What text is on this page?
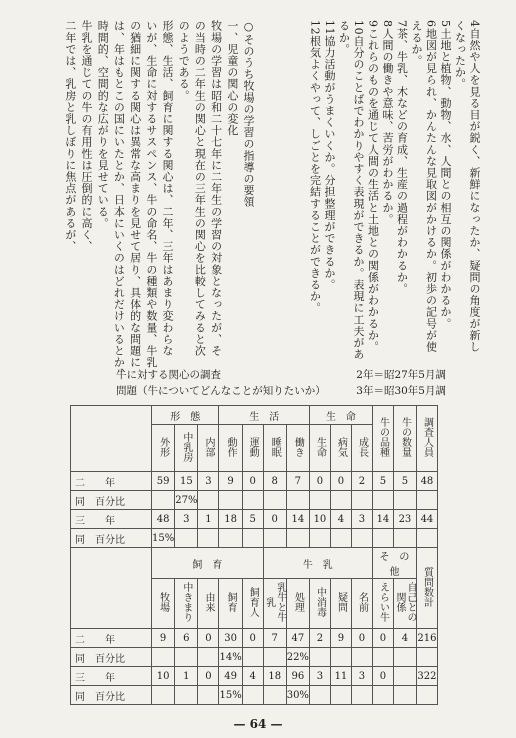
4自然や人を見る目が鋭く、新鮮になったか、疑問の角度が新し
くなったか。
5土地と植物、動物、水、人間との相互の関係がわかるか。
6地図が見られ、かんたんな見取図がかけるか。初歩の記号が使
えるか。
7茶、牛乳、木などの育成、生産の過程がわかるか。
8人間の働きや意味、苦労がわかるか。
9これらのものを通じて人間の生活と土地との関係がわかるか。
10自分のことばでわかりやすく表現ができるか。表現に工夫があ
るか。
11協力活動がうまくいくか。分担整理ができるか。
12根気よくやって、しごとを完結することができるか。
○そのうち牧場の学習の指導の要領
一、児童の関心の変化
牧場の学習は昭和二十七年に二年生の学習の対象となったが、そ
の当時の二年生の関心と現在の三年生の関心を比較してみると次
のようである。
形態、生活、飼育に関する関心は、二年、三年はあまり変わらな
いが、生命に対するサスペンス、牛の命名、牛の種類や数量、牛乳
の猶細に関する関心は異常な高まりを見せて居り、具体的な問題に
は、年はもとこの国にいたとか、日本にいくのはどれだけいるとか、
時間的、空間的な広がりを見せている。
牛乳を通じての牛の有用性は圧倒的に高く、
二年では、乳房と乳しぼりに焦点があるが、
牛に対する関心の調査	2年＝昭27年5月調
問題（牛についてどんなことが知りたいか）	3年＝昭30年5月調
	形　態			生　活				生　命			牛の品種	牛の数量	調査人員
	外形	中乳房	内部	動作	運動	睡眠	働き	生命	病気	成長			
二　　年	59	15	3	9	0	8	7	0	0	2	5	5	48
同　百分比		27%											
三　　年	48	3	1	18	5	0	14	10	4	3	14	23	44
同　百分比	15%												
	飼　育					牛　乳					そ　の　他		質問数計
	牧場	中きまり	由来	飼育	飼育人	乳牛と牛乳	処理	中消毒	疑問	名前	えらい牛	自己との関係	
二　　年	9	6	0	30	0	7	47	2	9	0	0	4	216
同　百分比				14%			22%						
三　　年	10	1	0	49	4	18	96	3	11	3	0		322
同　百分比				15%			30%						
— 64 —
